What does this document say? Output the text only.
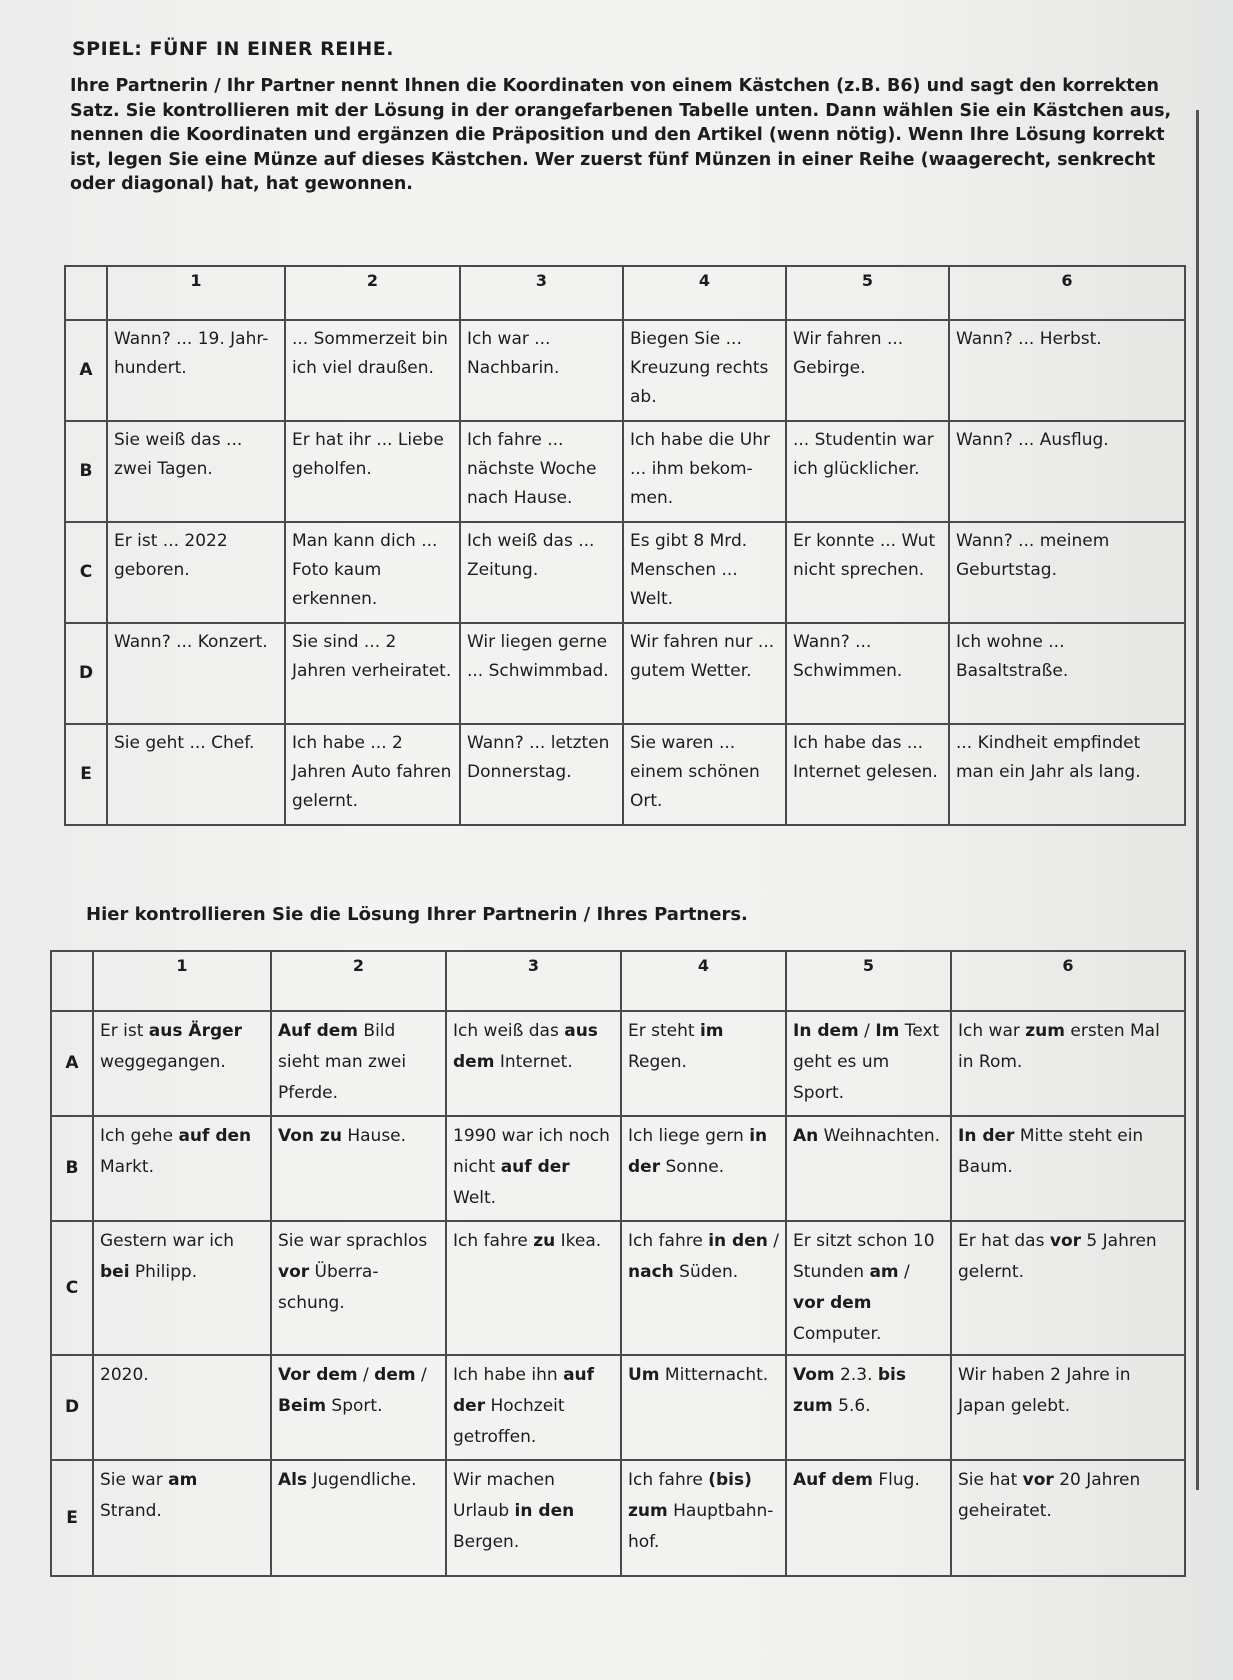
SPIEL: FÜNF IN EINER REIHE.

Ihre Partnerin / Ihr Partner nennt Ihnen die Koordinaten von einem Kästchen (z.B. B6) und sagt den korrekten Satz. Sie kontrollieren mit der Lösung in der orangefarbenen Tabelle unten. Dann wählen Sie ein Kästchen aus, nennen die Koordinaten und ergänzen die Präposition und den Artikel (wenn nötig). Wenn Ihre Lösung korrekt ist, legen Sie eine Münze auf dieses Kästchen. Wer zuerst fünf Münzen in einer Reihe (waagerecht, senkrecht oder diagonal) hat, hat gewonnen.

	1	2	3	4	5	6
A	Wann? ... 19. Jahr-hundert.	... Sommerzeit bin ich viel draußen.	Ich war ... Nachbarin.	Biegen Sie ... Kreuzung rechts ab.	Wir fahren ... Gebirge.	Wann? ... Herbst.
B	Sie weiß das ... zwei Tagen.	Er hat ihr ... Liebe geholfen.	Ich fahre ... nächste Woche nach Hause.	Ich habe die Uhr ... ihm bekom-men.	... Studentin war ich glücklicher.	Wann? ... Ausflug.
C	Er ist ... 2022 geboren.	Man kann dich ... Foto kaum erkennen.	Ich weiß das ... Zeitung.	Es gibt 8 Mrd. Menschen ... Welt.	Er konnte ... Wut nicht sprechen.	Wann? ... meinem Geburtstag.
D	Wann? ... Konzert.	Sie sind ... 2 Jahren verheiratet.	Wir liegen gerne ... Schwimmbad.	Wir fahren nur ... gutem Wetter.	Wann? ... Schwimmen.	Ich wohne ... Basaltstraße.
E	Sie geht ... Chef.	Ich habe ... 2 Jahren Auto fahren gelernt.	Wann? ... letzten Donnerstag.	Sie waren ... einem schönen Ort.	Ich habe das ... Internet gelesen.	... Kindheit empfindet man ein Jahr als lang.

Hier kontrollieren Sie die Lösung Ihrer Partnerin / Ihres Partners.

	1	2	3	4	5	6
A	Er ist aus Ärger weggegangen.	Auf dem Bild sieht man zwei Pferde.	Ich weiß das aus dem Internet.	Er steht im Regen.	In dem / Im Text geht es um Sport.	Ich war zum ersten Mal in Rom.
B	Ich gehe auf den Markt.	Von zu Hause.	1990 war ich noch nicht auf der Welt.	Ich liege gern in der Sonne.	An Weihnachten.	In der Mitte steht ein Baum.
C	Gestern war ich bei Philipp.	Sie war sprachlos vor Überra-schung.	Ich fahre zu Ikea.	Ich fahre in den / nach Süden.	Er sitzt schon 10 Stunden am / vor dem Computer.	Er hat das vor 5 Jahren gelernt.
D	2020.	Vor dem / dem / Beim Sport.	Ich habe ihn auf der Hochzeit getroffen.	Um Mitternacht.	Vom 2.3. bis zum 5.6.	Wir haben 2 Jahre in Japan gelebt.
E	Sie war am Strand.	Als Jugendliche.	Wir machen Urlaub in den Bergen.	Ich fahre (bis) zum Hauptbahn-hof.	Auf dem Flug.	Sie hat vor 20 Jahren geheiratet.
